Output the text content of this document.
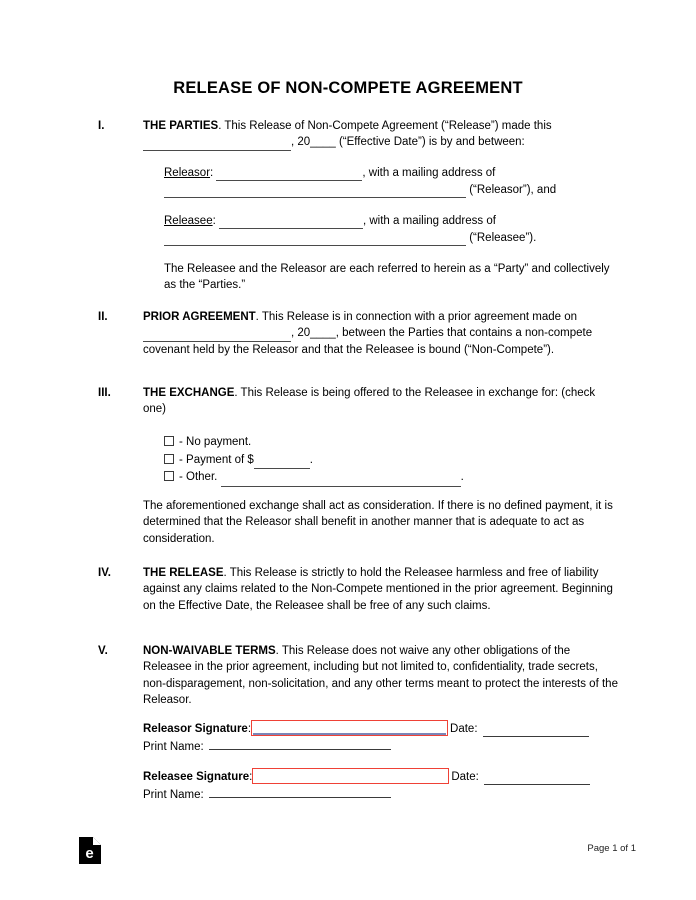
RELEASE OF NON-COMPETE AGREEMENT
I.	THE PARTIES. This Release of Non-Compete Agreement (“Release”) made this , 20____ (“Effective Date”) is by and between:
Releasor:	, with a mailing address of
(“Releasor”), and
Releasee:	, with a mailing address of
(“Releasee”).
The Releasee and the Releasor are each referred to herein as a “Party” and collectively as the “Parties.”
II.	PRIOR AGREEMENT. This Release is in connection with a prior agreement made on , 20____, between the Parties that contains a non-compete covenant held by the Releasor and that the Releasee is bound (“Non-Compete”).
III.	THE EXCHANGE. This Release is being offered to the Releasee in exchange for: (check one)
- No payment.
- Payment of $	.
- Other.	.
The aforementioned exchange shall act as consideration. If there is no defined payment, it is determined that the Releasor shall benefit in another manner that is adequate to act as consideration.
IV.	THE RELEASE. This Release is strictly to hold the Releasee harmless and free of liability against any claims related to the Non-Compete mentioned in the prior agreement. Beginning on the Effective Date, the Releasee shall be free of any such claims.
V.	NON-WAIVABLE TERMS. This Release does not waive any other obligations of the Releasee in the prior agreement, including but not limited to, confidentiality, trade secrets, non-disparagement, non-solicitation, and any other terms meant to protect the interests of the Releasor.
Releasor Signature :	Date:
Print Name:
Releasee Signature :	Date:
Print Name:
e	Page 1 of 1
